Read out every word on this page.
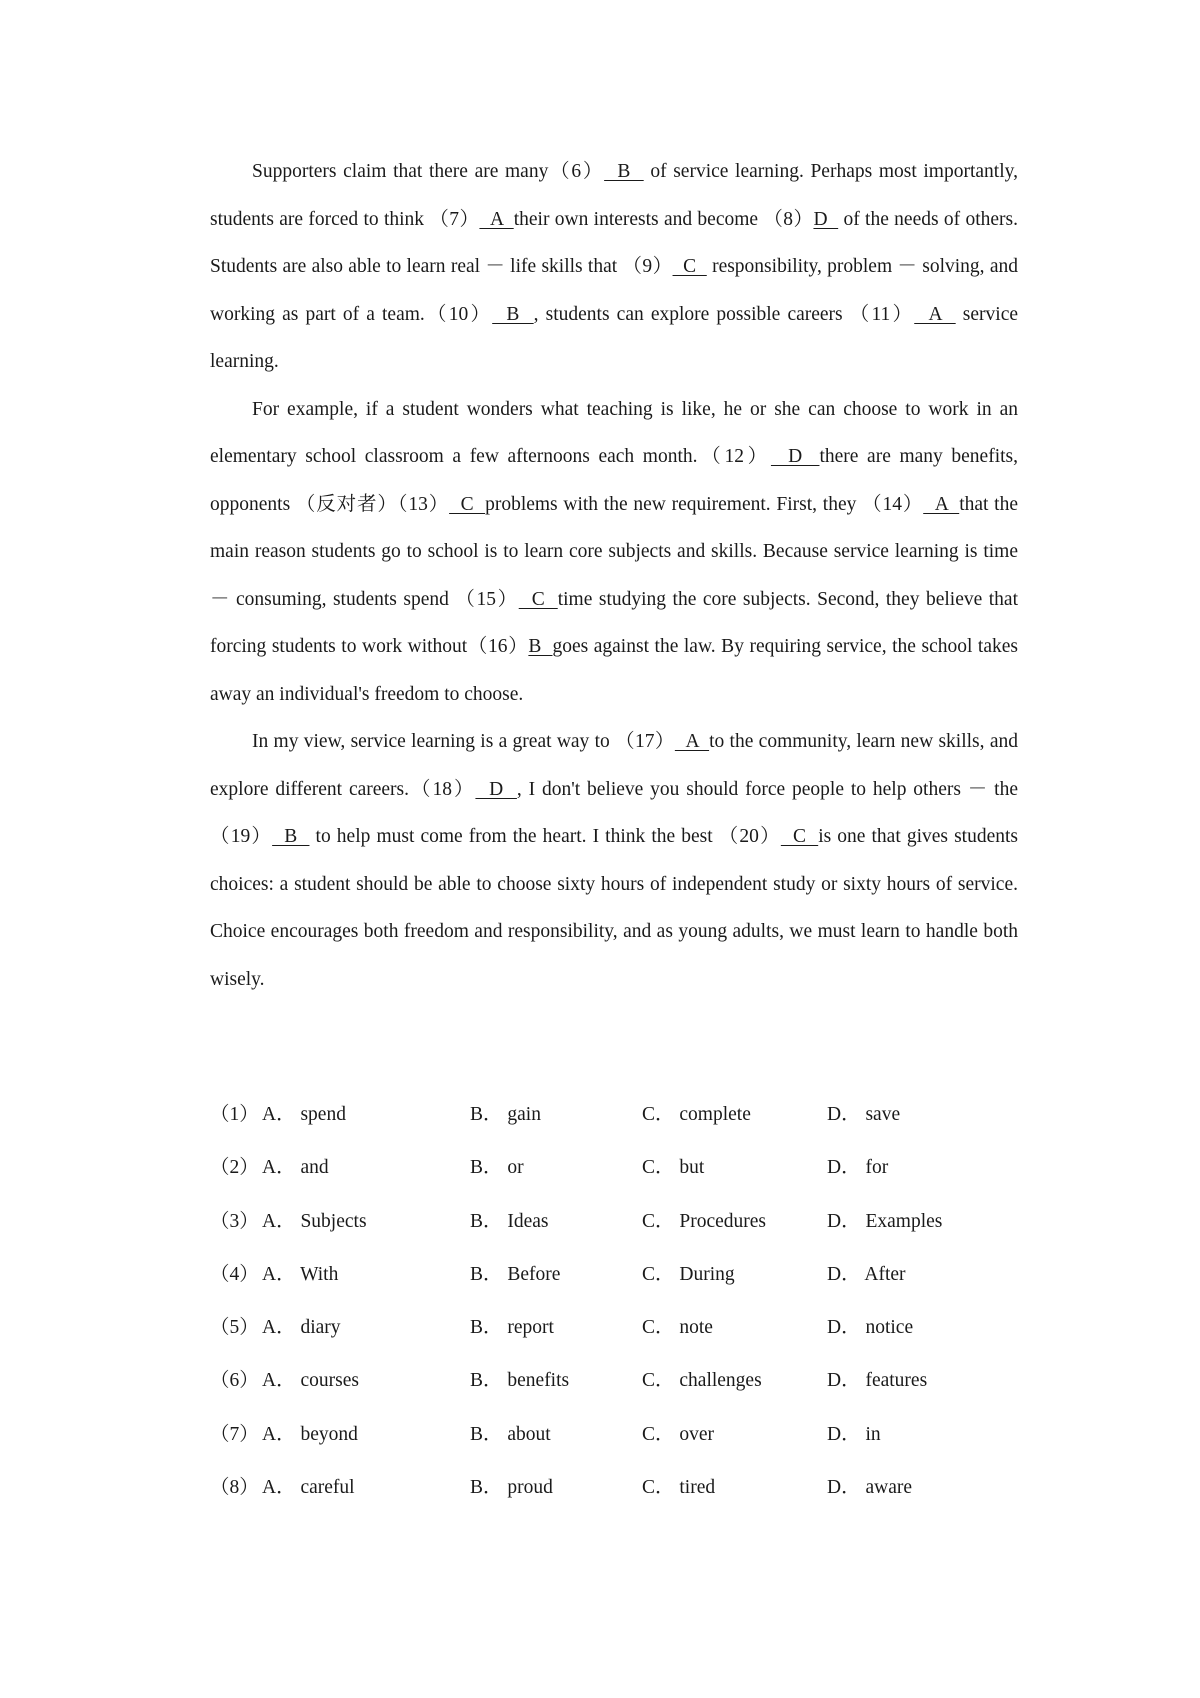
Supporters claim that there are many（6）  B   of service learning. Perhaps most importantly, students are forced to think （7）  A  their own interests and become （8）D   of the needs of others. Students are also able to learn real － life skills that （9）  C   responsibility, problem － solving, and working as part of a team.（10）  B  , students can explore possible careers （11）  A   service learning.

For example, if a student wonders what teaching is like, he or she can choose to work in an elementary school classroom a few afternoons each month.（12）  D  there are many benefits, opponents （反对者）（13）  C  problems with the new requirement. First, they （14）  A  that the main reason students go to school is to learn core subjects and skills. Because service learning is time － consuming, students spend （15）  C  time studying the core subjects. Second, they believe that forcing students to work without（16）B  goes against the law. By requiring service, the school takes away an individual's freedom to choose.

In my view, service learning is a great way to （17）  A  to the community, learn new skills, and explore different careers.（18）  D  , I don't believe you should force people to help others － the （19）  B   to help must come from the heart. I think the best （20）  C  is one that gives students choices: a student should be able to choose sixty hours of independent study or sixty hours of service. Choice encourages both freedom and responsibility, and as young adults, we must learn to handle both wisely.

（1） A． spend	B． gain	C． complete	D． save
（2） A． and	B． or	C． but	D． for
（3） A． Subjects	B． Ideas	C． Procedures	D． Examples
（4） A． With	B． Before	C． During	D． After
（5） A． diary	B． report	C． note	D． notice
（6） A． courses	B． benefits	C． challenges	D． features
（7） A． beyond	B． about	C． over	D． in
（8） A． careful	B． proud	C． tired	D． aware
